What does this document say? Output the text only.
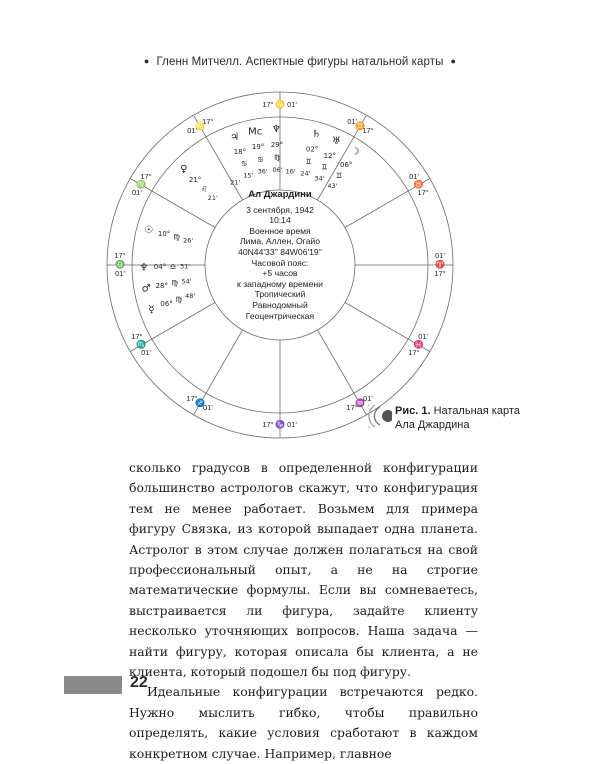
● Гленн Митчелл. Аспектные фигуры натальной карты ●
17° ♋ 01'
17°
♌
01'
17°
♍
01'
17°
♎
01'
17°
♏
01'
17°
♐
01'
17° ♑ 01'
17°
♒
01'
17°
♓
01'
17°
♈
01'
17°
♉
01'
17°
♊
01'
♆
29°
♍
06'
Mc
19°
♋
36'
♃
18°
♋
15'
21'
♀
21°
♌
21'
☉ 10° ♍ 26'
♆ 04° ♎ 31'
♂ 28° ♍ 54'
☿
06°
♍ 48'
☽
06°
♊
43'
♅
12°
♊
34'
♄
02°
♊
24'
16'
Ал Джардини
3 сентября, 1942
10:14
Военное время
Лима, Аллен, Огайо
40N44'33'' 84W06'19''
Часовой пояс:
+5 часов
к западному времени
Тропический
Равнодомный
Геоцентрическая
Рис. 1. Натальная карта
Ала Джардина

сколько градусов в определенной конфигурации большинство астрологов скажут, что конфигурация тем не менее работает. Возьмем для примера фигуру Связка, из которой выпадает одна планета. Астролог в этом случае должен полагаться на свой профессиональный опыт, а не на строгие математические формулы. Если вы сомневаетесь, выстраивается ли фигура, задайте клиенту несколько уточняющих вопросов. Наша задача — найти фигуру, которая описала бы клиента, а не клиента, который подошел бы под фигуру.

Идеальные конфигурации встречаются редко. Нужно мыслить гибко, чтобы правильно определять, какие условия сработают в каждом конкретном случае. Например, главное

22
